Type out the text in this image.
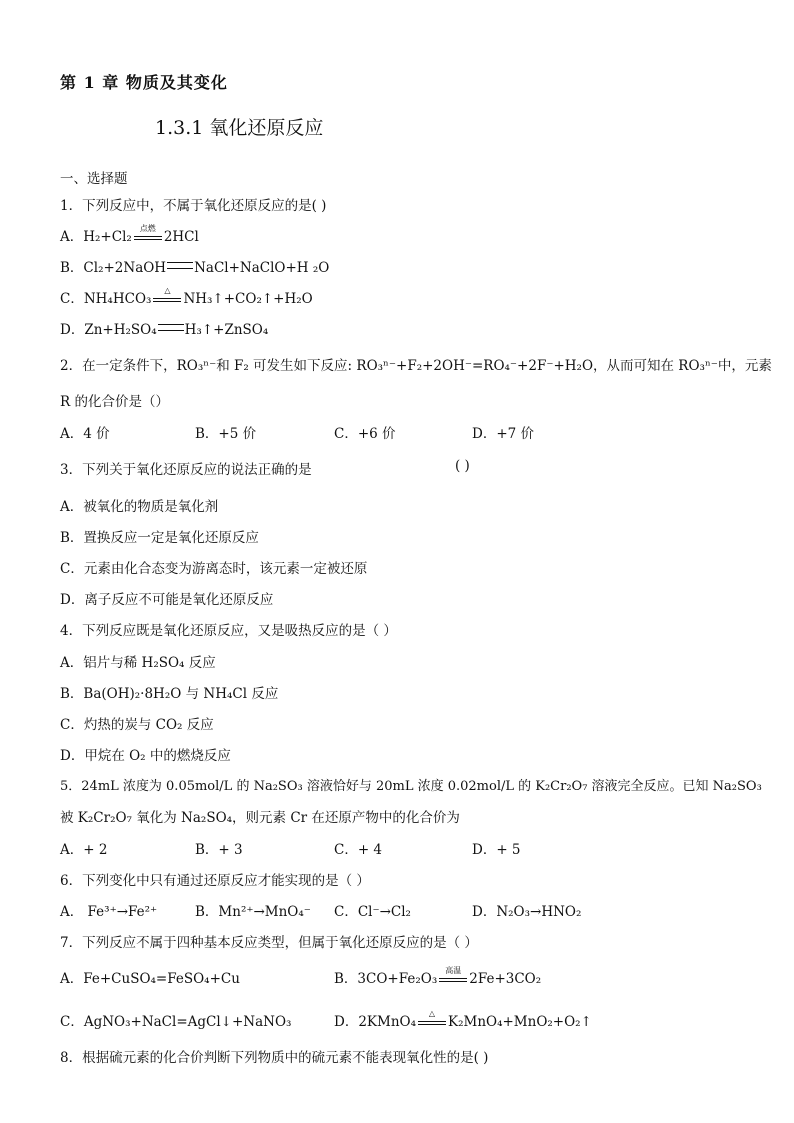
第 1 章 物质及其变化
1.3.1 氧化还原反应
一、选择题
1．下列反应中，不属于氧化还原反应的是( )
A．H₂+Cl₂
点燃
2HCl
B．Cl₂+2NaOH NaCl+NaClO+H ₂O
C．NH₄HCO₃
△
NH₃↑+CO₂↑+H₂O
D．Zn+H₂SO₄ H₃↑+ZnSO₄
2．在一定条件下，RO₃ⁿ⁻和 F₂ 可发生如下反应: RO₃ⁿ⁻+F₂+2OH⁻=RO₄⁻+2F⁻+H₂O，从而可知在 RO₃ⁿ⁻中，元素
R 的化合价是（）
A．4 价	B．+5 价	C．+6 价	D．+7 价
3．下列关于氧化还原反应的说法正确的是	( )
A．被氧化的物质是氧化剂
B．置换反应一定是氧化还原反应
C．元素由化合态变为游离态时，该元素一定被还原
D．离子反应不可能是氧化还原反应
4．下列反应既是氧化还原反应，又是吸热反应的是（ ）
A．铝片与稀 H₂SO₄ 反应
B．Ba(OH)₂·8H₂O 与 NH₄Cl 反应
C．灼热的炭与 CO₂ 反应
D．甲烷在 O₂ 中的燃烧反应
5．24mL 浓度为 0.05mol/L 的 Na₂SO₃ 溶液恰好与 20mL 浓度 0.02mol/L 的 K₂Cr₂O₇ 溶液完全反应。已知 Na₂SO₃
被 K₂Cr₂O₇ 氧化为 Na₂SO₄，则元素 Cr 在还原产物中的化合价为
A．+ 2	B．+ 3	C．+ 4	D．+ 5
6．下列变化中只有通过还原反应才能实现的是（ ）
A． Fe³⁺→Fe²⁺	B．Mn²⁺→MnO₄⁻ C．Cl⁻→Cl₂	D．N₂O₃→HNO₂
7．下列反应不属于四种基本反应类型，但属于氧化还原反应的是（ ）
A．Fe+CuSO₄=FeSO₄+Cu	B．3CO+Fe₂O₃
高温
2Fe+3CO₂
C．AgNO₃+NaCl=AgCl↓+NaNO₃	D．2KMnO₄
△
K₂MnO₄+MnO₂+O₂↑
8．根据硫元素的化合价判断下列物质中的硫元素不能表现氧化性的是( )
